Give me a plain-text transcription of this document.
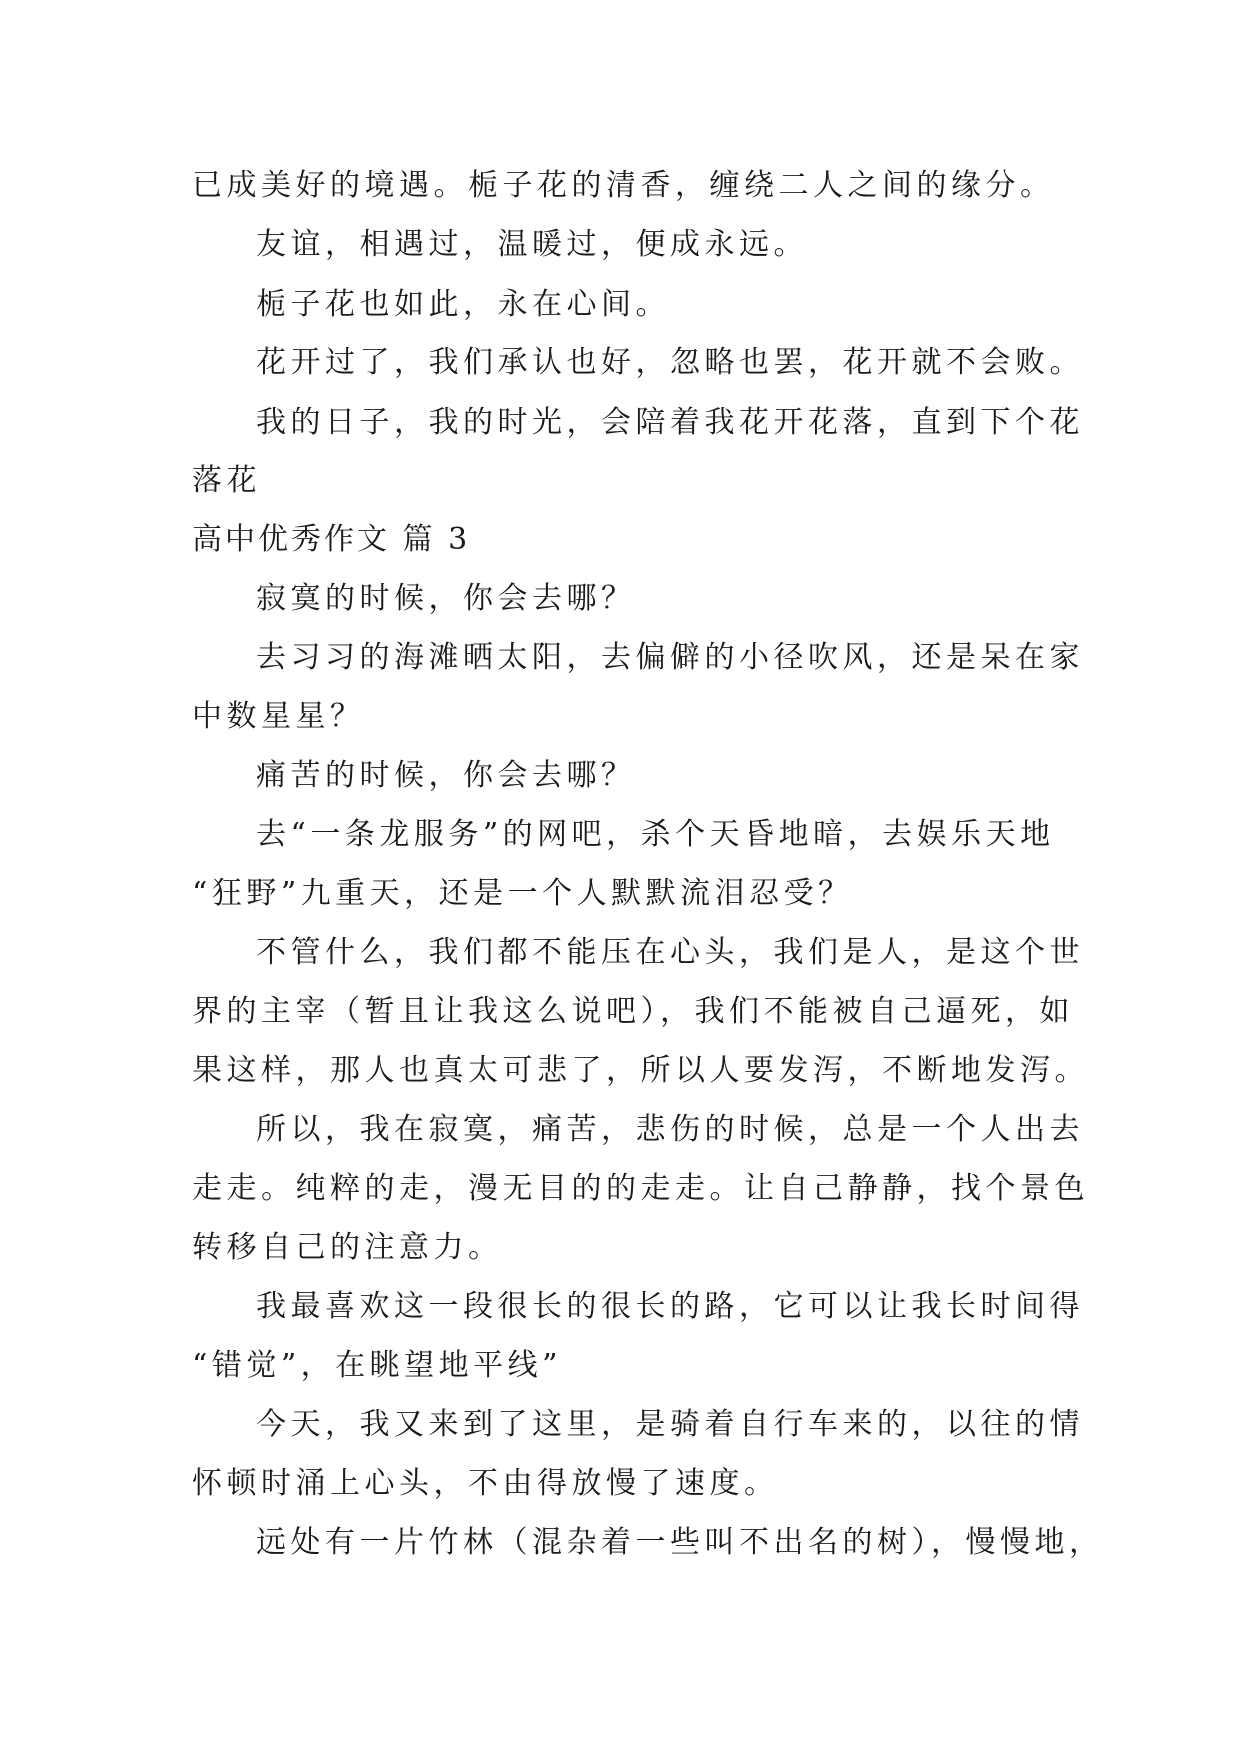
已成美好的境遇。栀子花的清香，缠绕二人之间的缘分。
友谊，相遇过，温暖过，便成永远。
栀子花也如此，永在心间。
花开过了，我们承认也好，忽略也罢，花开就不会败。
我的日子，我的时光，会陪着我花开花落，直到下个花
落花
高中优秀作文 篇 3
寂寞的时候，你会去哪？
去习习的海滩晒太阳，去偏僻的小径吹风，还是呆在家
中数星星？
痛苦的时候，你会去哪？
去“一条龙服务”的网吧，杀个天昏地暗，去娱乐天地
“狂野”九重天，还是一个人默默流泪忍受？
不管什么，我们都不能压在心头，我们是人，是这个世
界的主宰（暂且让我这么说吧），我们不能被自己逼死，如
果这样，那人也真太可悲了，所以人要发泻，不断地发泻。
所以，我在寂寞，痛苦，悲伤的时候，总是一个人出去
走走。纯粹的走，漫无目的的走走。让自己静静，找个景色
转移自己的注意力。
我最喜欢这一段很长的很长的路，它可以让我长时间得
“错觉”，在眺望地平线”
今天，我又来到了这里，是骑着自行车来的，以往的情
怀顿时涌上心头，不由得放慢了速度。
远处有一片竹林（混杂着一些叫不出名的树），慢慢地，
